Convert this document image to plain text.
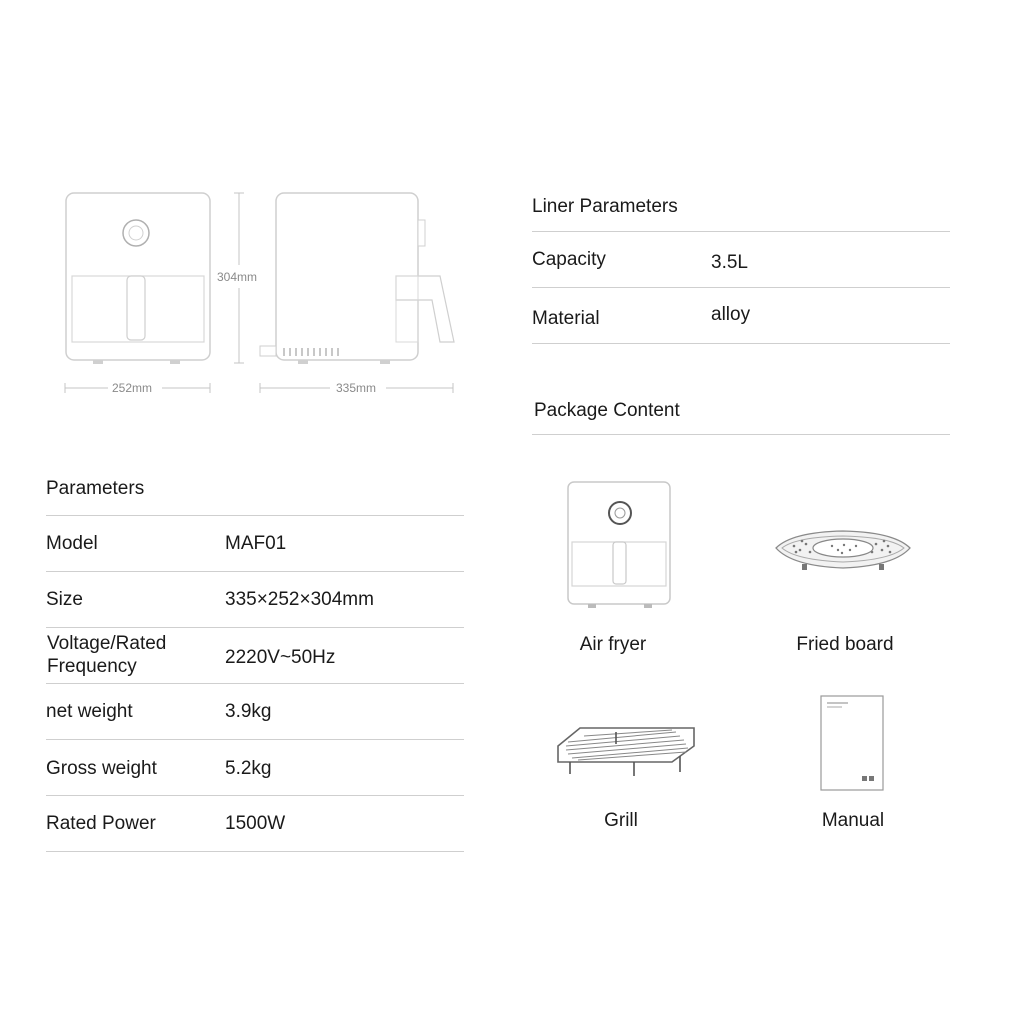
304mm
252mm	335mm
Parameters
Model	MAF01
Size	335×252×304mm
Voltage/Rated Frequency	2220V~50Hz
net weight	3.9kg
Gross weight	5.2kg
Rated Power	1500W
Liner Parameters
Capacity	3.5L
Material	alloy
Package Content
Air fryer	Fried board
Grill	Manual
